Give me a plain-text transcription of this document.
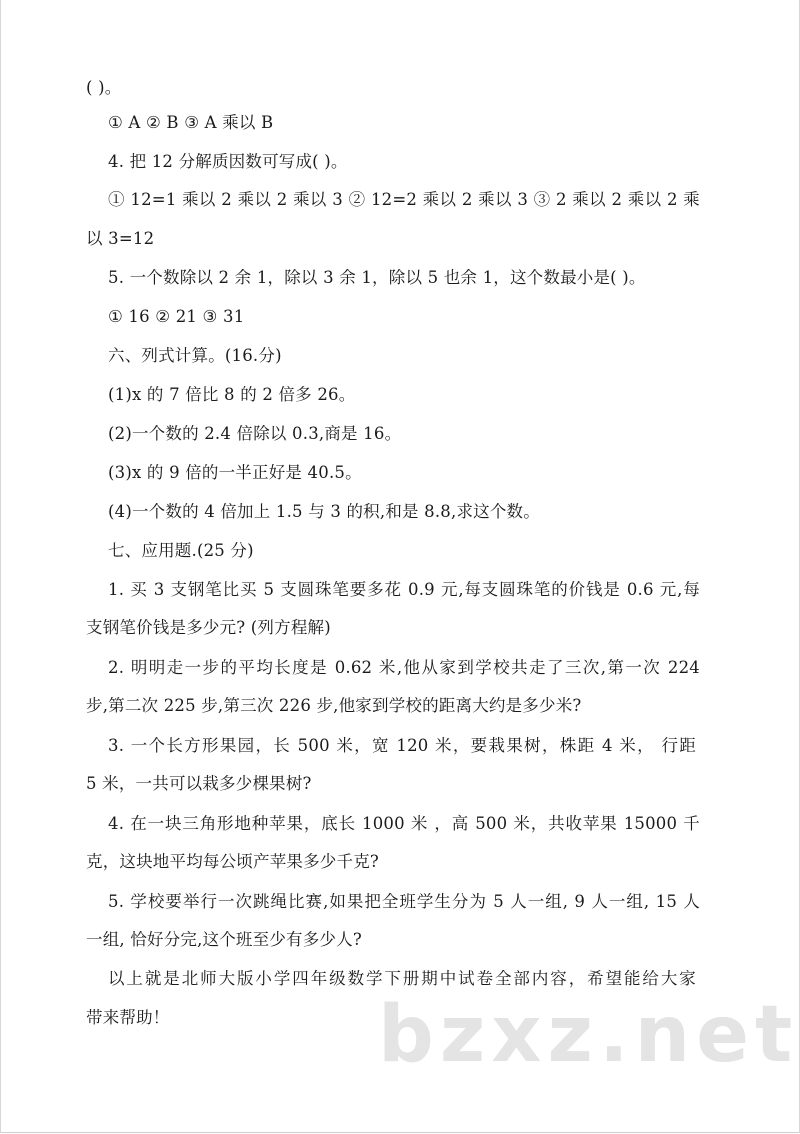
( )。
① A ② B ③ A 乘以 B
4. 把 12 分解质因数可写成( )。
① 12=1 乘以 2 乘以 2 乘以 3 ② 12=2 乘以 2 乘以 3 ③ 2 乘以 2 乘以 2 乘
以 3=12
5. 一个数除以 2 余 1，除以 3 余 1，除以 5 也余 1，这个数最小是( )。
① 16 ② 21 ③ 31
六、列式计算。(16.分)
(1)x 的 7 倍比 8 的 2 倍多 26。
(2)一个数的 2.4 倍除以 0.3,商是 16。
(3)x 的 9 倍的一半正好是 40.5。
(4)一个数的 4 倍加上 1.5 与 3 的积,和是 8.8,求这个数。
七、应用题.(25 分)
1. 买 3 支钢笔比买 5 支圆珠笔要多花 0.9 元,每支圆珠笔的价钱是 0.6 元,每
支钢笔价钱是多少元? (列方程解)
2. 明明走一步的平均长度是 0.62 米,他从家到学校共走了三次,第一次 224
步,第二次 225 步,第三次 226 步,他家到学校的距离大约是多少米?
3. 一个长方形果园，长 500 米，宽 120 米，要栽果树，株距 4 米， 行距
5 米，一共可以栽多少棵果树?
4. 在一块三角形地种苹果，底长 1000 米 ，高 500 米，共收苹果 15000 千
克，这块地平均每公顷产苹果多少千克?
5. 学校要举行一次跳绳比赛,如果把全班学生分为 5 人一组, 9 人一组, 15 人
一组, 恰好分完,这个班至少有多少人?
以上就是北师大版小学四年级数学下册期中试卷全部内容，希望能给大家
带来帮助！	bzxz.net
